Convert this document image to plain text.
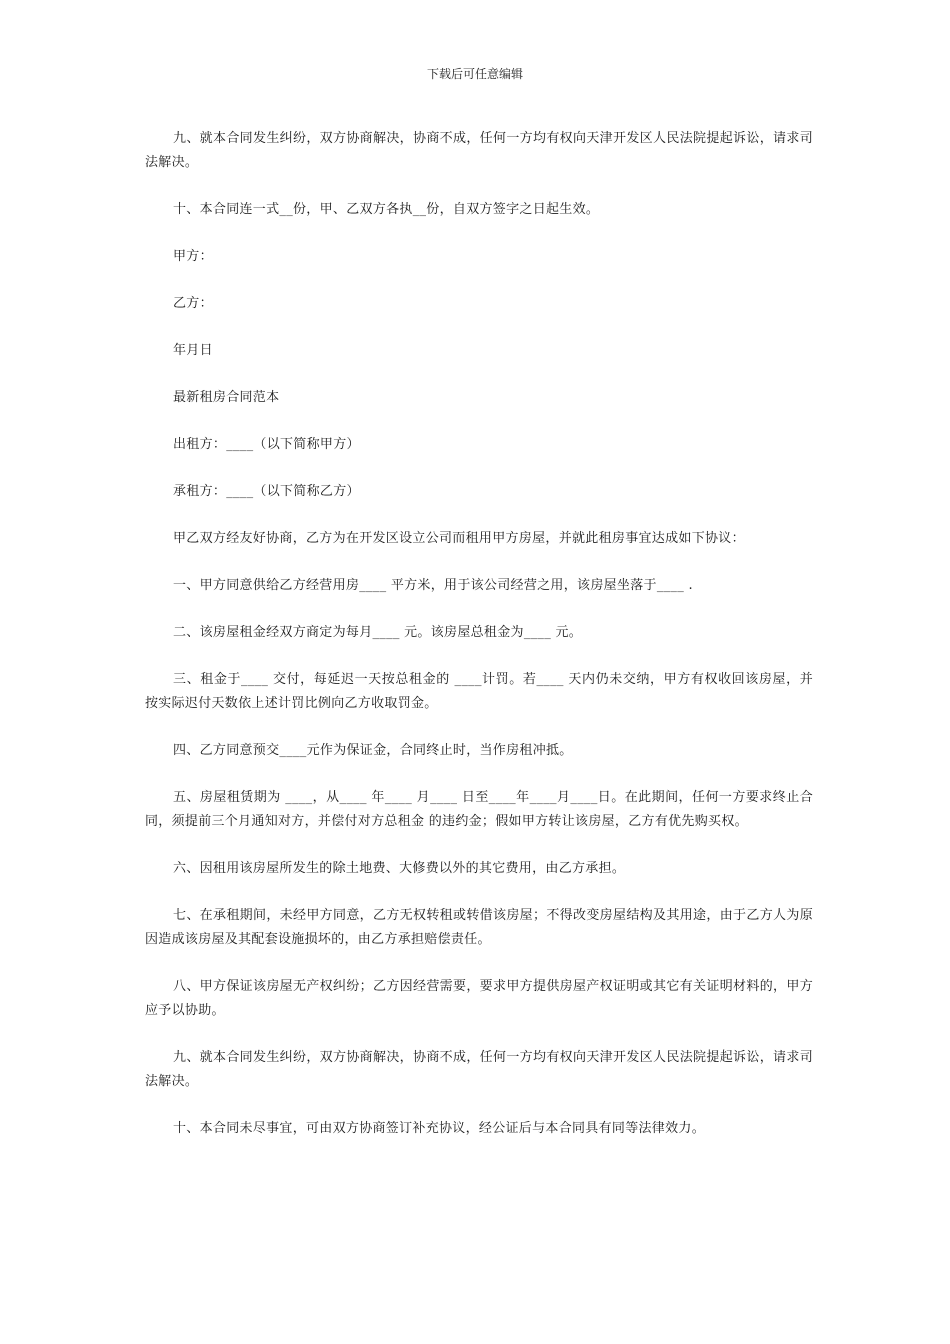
下载后可任意编辑

九、就本合同发生纠纷，双方协商解决，协商不成，任何一方均有权向天津开发区人民法院提起诉讼，请求司法解决。

十、本合同连一式__份，甲、乙双方各执__份，自双方签字之日起生效。

甲方：

乙方：

年月日

最新租房合同范本

出租方：____（以下简称甲方）

承租方：____（以下简称乙方）

甲乙双方经友好协商，乙方为在开发区设立公司而租用甲方房屋，并就此租房事宜达成如下协议：

一、甲方同意供给乙方经营用房____ 平方米，用于该公司经营之用，该房屋坐落于____ .

二、该房屋租金经双方商定为每月____ 元。该房屋总租金为____ 元。

三、租金于____ 交付，每延迟一天按总租金的 ____计罚。若____ 天内仍未交纳，甲方有权收回该房屋，并按实际迟付天数依上述计罚比例向乙方收取罚金。

四、乙方同意预交____元作为保证金，合同终止时，当作房租冲抵。

五、房屋租赁期为 ____，从____ 年____ 月____ 日至____年____月____日。在此期间，任何一方要求终止合同，须提前三个月通知对方，并偿付对方总租金 的违约金；假如甲方转让该房屋，乙方有优先购买权。

六、因租用该房屋所发生的除土地费、大修费以外的其它费用，由乙方承担。

七、在承租期间，未经甲方同意，乙方无权转租或转借该房屋；不得改变房屋结构及其用途，由于乙方人为原因造成该房屋及其配套设施损坏的，由乙方承担赔偿责任。

八、甲方保证该房屋无产权纠纷；乙方因经营需要，要求甲方提供房屋产权证明或其它有关证明材料的，甲方应予以协助。

九、就本合同发生纠纷，双方协商解决，协商不成，任何一方均有权向天津开发区人民法院提起诉讼，请求司法解决。

十、本合同未尽事宜，可由双方协商签订补充协议，经公证后与本合同具有同等法律效力。
